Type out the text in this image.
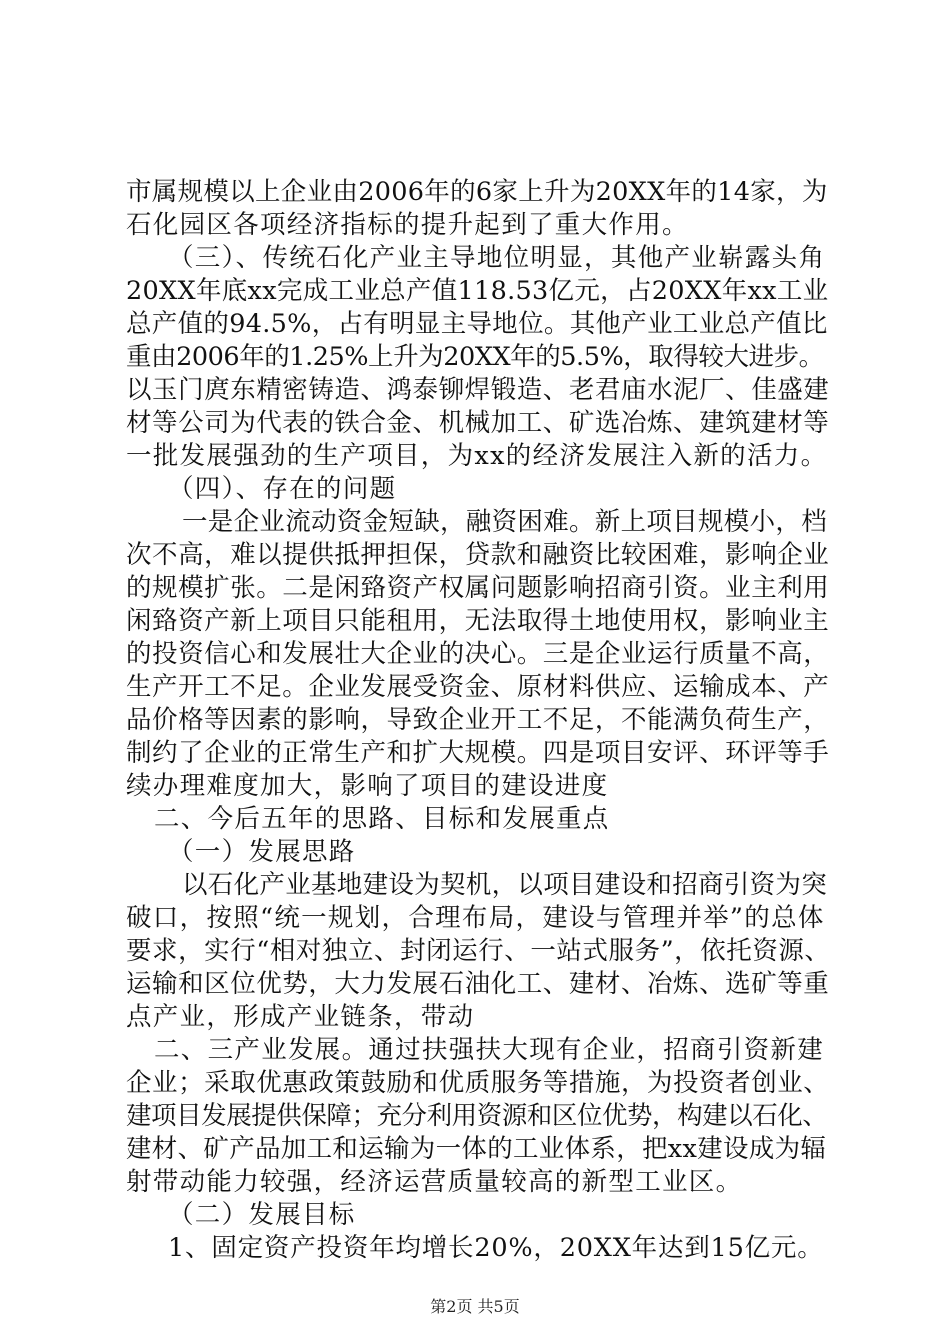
市属规模以上企业由2006年的6家上升为20XX年的14家，为
石化园区各项经济指标的提升起到了重大作用。
（三）、传统石化产业主导地位明显，其他产业崭露头角
20XX年底xx完成工业总产值118.53亿元，占20XX年xx工业
总产值的94.5%，占有明显主导地位。其他产业工业总产值比
重由2006年的1.25%上升为20XX年的5.5%，取得较大进步。
以玉门庹东精密铸造、鸿泰铆焊锻造、老君庙水泥厂、佳盛建
材等公司为代表的铁合金、机械加工、矿选冶炼、建筑建材等
一批发展强劲的生产项目，为xx的经济发展注入新的活力。
（四）、存在的问题
一是企业流动资金短缺，融资困难。新上项目规模小，档
次不高，难以提供抵押担保，贷款和融资比较困难，影响企业
的规模扩张。二是闲臵资产权属问题影响招商引资。业主利用
闲臵资产新上项目只能租用，无法取得土地使用权，影响业主
的投资信心和发展壮大企业的决心。三是企业运行质量不高，
生产开工不足。企业发展受资金、原材料供应、运输成本、产
品价格等因素的影响，导致企业开工不足，不能满负荷生产，
制约了企业的正常生产和扩大规模。四是项目安评、环评等手
续办理难度加大，影响了项目的建设进度
二、今后五年的思路、目标和发展重点
（一）发展思路
以石化产业基地建设为契机，以项目建设和招商引资为突
破口，按照“统一规划，合理布局，建设与管理并举”的总体
要求，实行“相对独立、封闭运行、一站式服务”，依托资源、
运输和区位优势，大力发展石油化工、建材、冶炼、选矿等重
点产业，形成产业链条，带动
二、三产业发展。通过扶强扶大现有企业，招商引资新建
企业；采取优惠政策鼓励和优质服务等措施，为投资者创业、
建项目发展提供保障；充分利用资源和区位优势，构建以石化、
建材、矿产品加工和运输为一体的工业体系，把xx建设成为辐
射带动能力较强，经济运营质量较高的新型工业区。
（二）发展目标
1、固定资产投资年均增长20%，20XX年达到15亿元。
第2页 共5页
